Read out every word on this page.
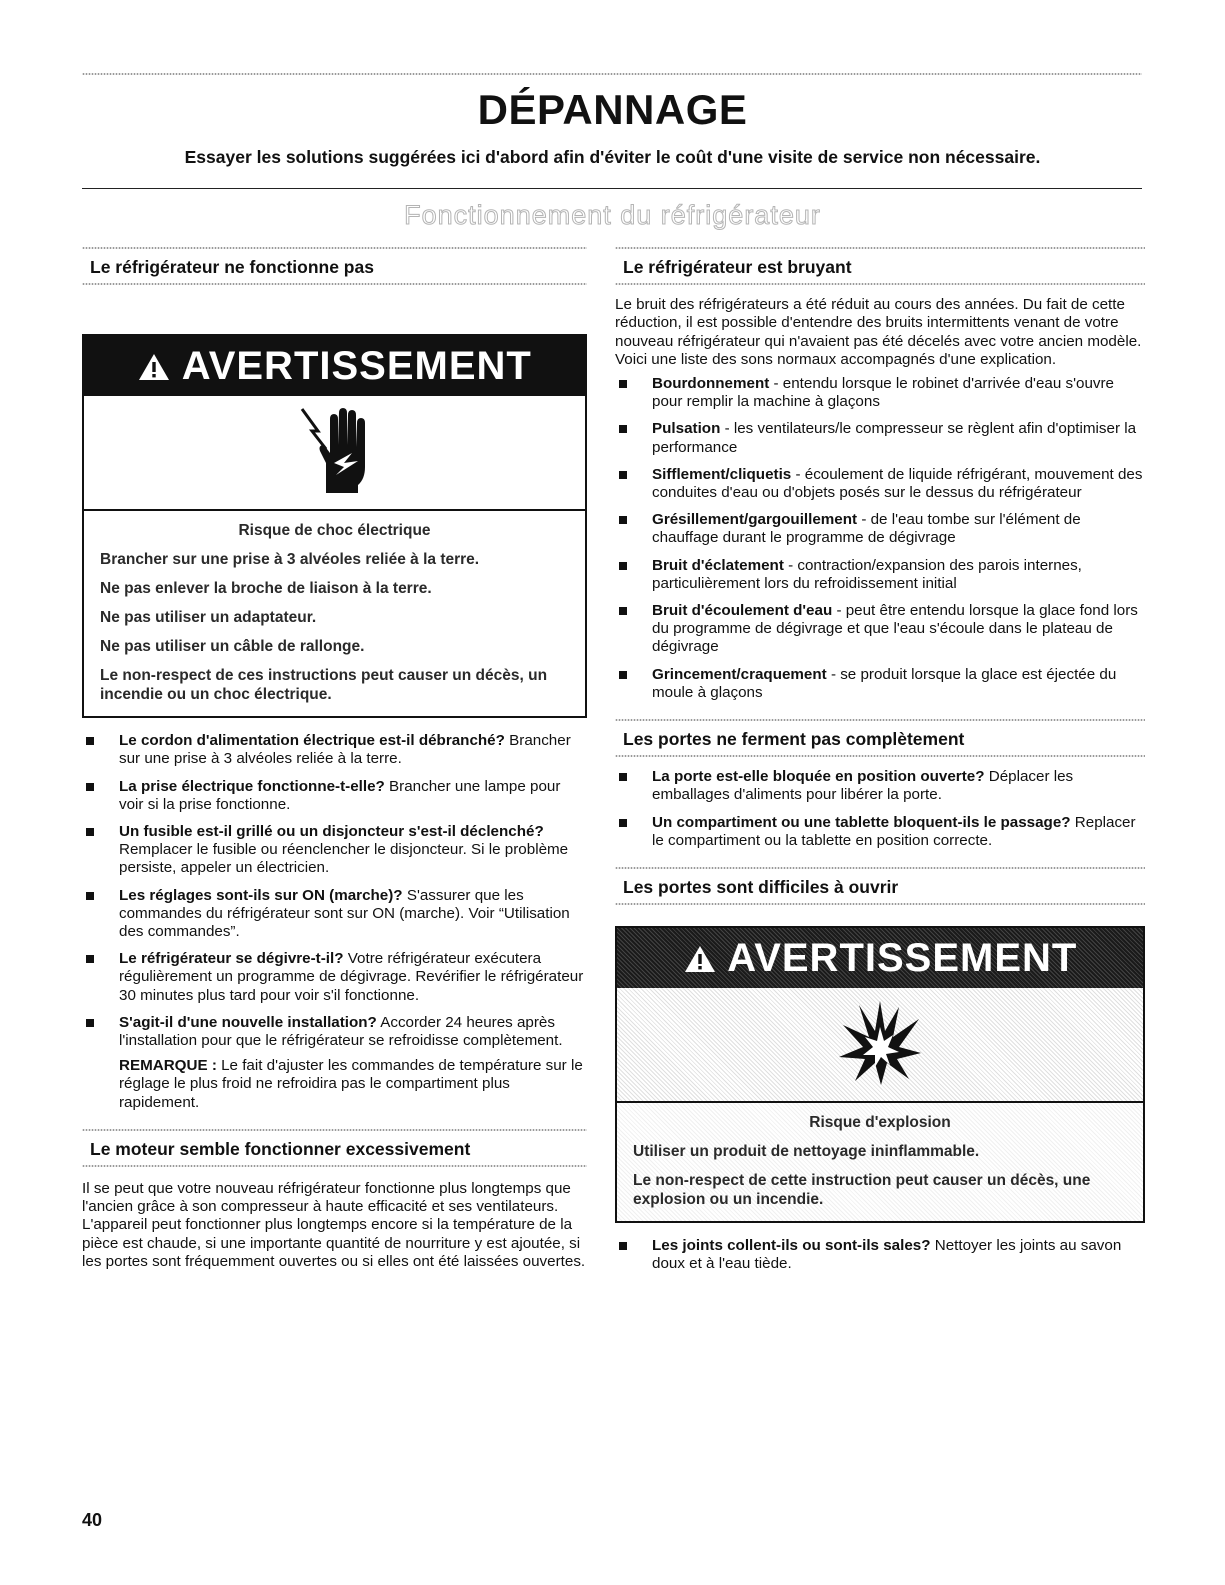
DÉPANNAGE
Essayer les solutions suggérées ici d'abord afin d'éviter le coût d'une visite de service non nécessaire.
Fonctionnement du réfrigérateur
Le réfrigérateur ne fonctionne pas
AVERTISSEMENT
Risque de choc électrique

Brancher sur une prise à 3 alvéoles reliée à la terre.

Ne pas enlever la broche de liaison à la terre.

Ne pas utiliser un adaptateur.

Ne pas utiliser un câble de rallonge.

Le non-respect de ces instructions peut causer un décès, un incendie ou un choc électrique.

Le cordon d'alimentation électrique est-il débranché? Brancher sur une prise à 3 alvéoles reliée à la terre.
La prise électrique fonctionne-t-elle? Brancher une lampe pour voir si la prise fonctionne.
Un fusible est-il grillé ou un disjoncteur s'est-il déclenché? Remplacer le fusible ou réenclencher le disjoncteur. Si le problème persiste, appeler un électricien.
Les réglages sont-ils sur ON (marche)? S'assurer que les commandes du réfrigérateur sont sur ON (marche). Voir “Utilisation des commandes”.
Le réfrigérateur se dégivre-t-il? Votre réfrigérateur exécutera régulièrement un programme de dégivrage. Revérifier le réfrigérateur 30 minutes plus tard pour voir s'il fonctionne.
S'agit-il d'une nouvelle installation? Accorder 24 heures après l'installation pour que le réfrigérateur se refroidisse complètement.
REMARQUE : Le fait d'ajuster les commandes de température sur le réglage le plus froid ne refroidira pas le compartiment plus rapidement.
Le moteur semble fonctionner excessivement
Il se peut que votre nouveau réfrigérateur fonctionne plus longtemps que l'ancien grâce à son compresseur à haute efficacité et ses ventilateurs. L'appareil peut fonctionner plus longtemps encore si la température de la pièce est chaude, si une importante quantité de nourriture y est ajoutée, si les portes sont fréquemment ouvertes ou si elles ont été laissées ouvertes.
Le réfrigérateur est bruyant
Le bruit des réfrigérateurs a été réduit au cours des années. Du fait de cette réduction, il est possible d'entendre des bruits intermittents venant de votre nouveau réfrigérateur qui n'avaient pas été décelés avec votre ancien modèle. Voici une liste des sons normaux accompagnés d'une explication.
Bourdonnement - entendu lorsque le robinet d'arrivée d'eau s'ouvre pour remplir la machine à glaçons
Pulsation - les ventilateurs/le compresseur se règlent afin d'optimiser la performance
Sifflement/cliquetis - écoulement de liquide réfrigérant, mouvement des conduites d'eau ou d'objets posés sur le dessus du réfrigérateur
Grésillement/gargouillement - de l'eau tombe sur l'élément de chauffage durant le programme de dégivrage
Bruit d'éclatement - contraction/expansion des parois internes, particulièrement lors du refroidissement initial
Bruit d'écoulement d'eau - peut être entendu lorsque la glace fond lors du programme de dégivrage et que l'eau s'écoule dans le plateau de dégivrage
Grincement/craquement - se produit lorsque la glace est éjectée du moule à glaçons
Les portes ne ferment pas complètement
La porte est-elle bloquée en position ouverte? Déplacer les emballages d'aliments pour libérer la porte.
Un compartiment ou une tablette bloquent-ils le passage? Replacer le compartiment ou la tablette en position correcte.
Les portes sont difficiles à ouvrir
AVERTISSEMENT
Risque d'explosion

Utiliser un produit de nettoyage ininflammable.

Le non-respect de cette instruction peut causer un décès, une explosion ou un incendie.

Les joints collent-ils ou sont-ils sales? Nettoyer les joints au savon doux et à l'eau tiède.
40
